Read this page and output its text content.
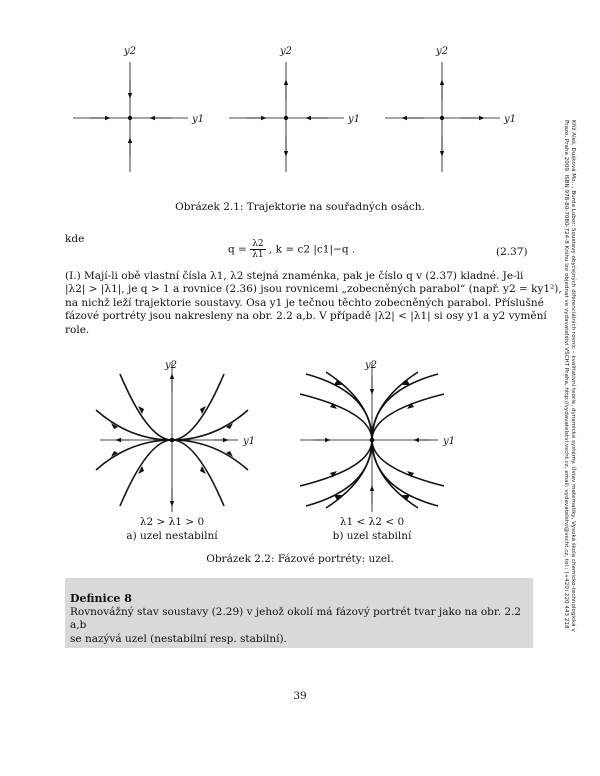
Kříž Aleš, Dušková Mo..., Burda Lubor: Soustavy obyčejných diferenciálních rovnic – kvalitativní teorie, dynamické systémy. Ústav matematiky, Vysoká škola chemicko-technologická v Praze, Praha 2009. ISBN 978-80-7080-724-8 Knihu lze objednat ve vydavatelství VŠCHT Praha, http://vydavatelstvi.vscht.cz, email: vydavatelstvi@vscht.cz, tel.: (+420) 220 443 218
y2
y1
y2
y1
y2
y1
Obrázek 2.1: Trajektorie na souřadných osách.
kde
$q = \frac{\lambda 2}{\lambda 1}$ , k = c2 |c1|−q .	(2.37)
(I.) Mají-li obě vlastní čísla λ1, λ2 stejná znaménka, pak je číslo q v (2.37) kladné. Je-li
|λ2| > |λ1|, je q > 1 a rovnice (2.36) jsou rovnicemi „zobecněných parabol“ (např. y2 = ky1²),
na nichž leží trajektorie soustavy. Osa y1 je tečnou těchto zobecněných parabol. Příslušné
fázové portréty jsou nakresleny na obr. 2.2 a,b. V případě |λ2| < |λ1| si osy y1 a y2 vymění
role.
y2
y1
y2
y1
λ2 > λ1 > 0
a) uzel nestabilní
λ1 < λ2 < 0
b) uzel stabilní
Obrázek 2.2: Fázové portréty: uzel.
Definice 8
Rovnovážný stav soustavy (2.29) v jehož okolí má fázový portrét tvar jako na obr. 2.2 a,b
se nazývá uzel (nestabilní resp. stabilní).
39
